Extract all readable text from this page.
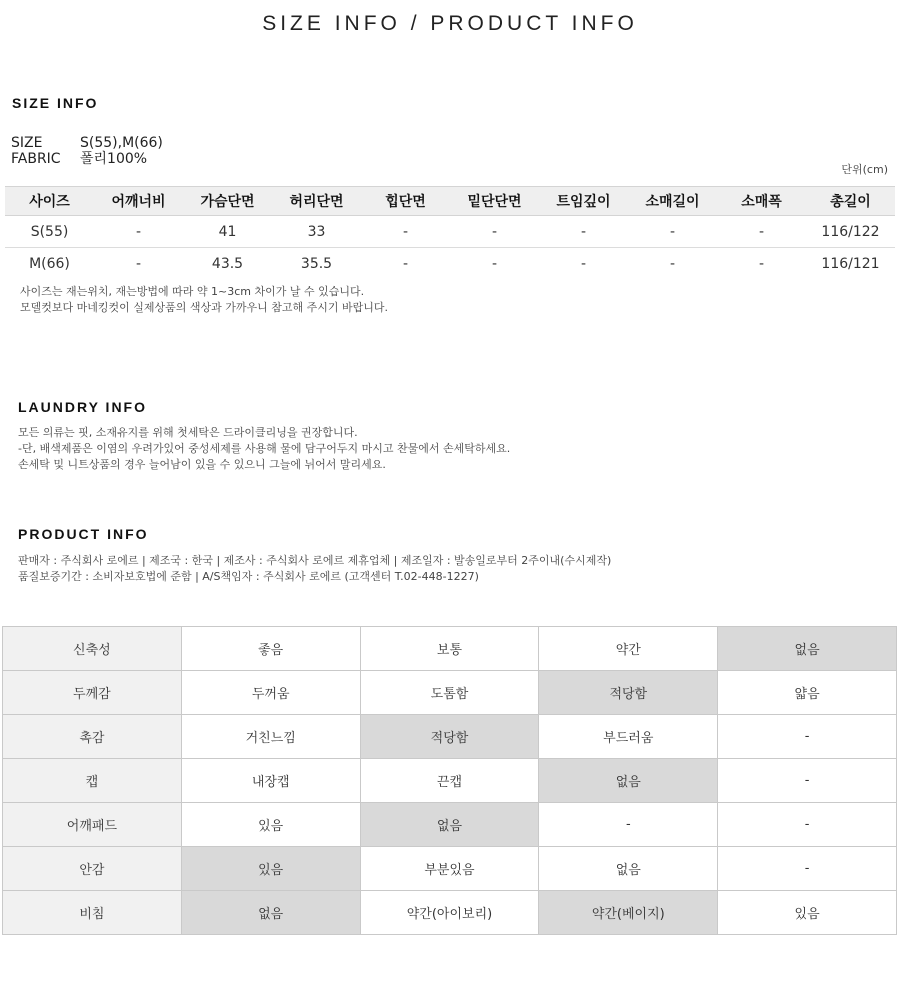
SIZE INFO / PRODUCT INFO
SIZE INFO
SIZE	S(55),M(66)
FABRIC 폴리100%
단위(cm)
사이즈	어깨너비	가슴단면	허리단면	힙단면	밑단단면	트임깊이	소매길이	소매폭	총길이
S(55)	-	41	33	-	-	-	-	-	116/122
M(66)	-	43.5	35.5	-	-	-	-	-	116/121
사이즈는 재는위치, 재는방법에 따라 약 1~3cm 차이가 날 수 있습니다.
모델컷보다 마네킹컷이 실제상품의 색상과 가까우니 참고해 주시기 바랍니다.
LAUNDRY INFO
모든 의류는 핏, 소재유지를 위해 첫세탁은 드라이클리닝을 권장합니다.
-단, 배색제품은 이염의 우려가있어 중성세제를 사용해 물에 담구어두지 마시고 찬물에서 손세탁하세요.
손세탁 및 니트상품의 경우 늘어남이 있을 수 있으니 그늘에 뉘어서 말리세요.
PRODUCT INFO
판매자 : 주식회사 로에르 | 제조국 : 한국 | 제조사 : 주식회사 로에르 제휴업체 | 제조일자 : 발송일로부터 2주이내(수시제작)
품질보증기간 : 소비자보호법에 준함 | A/S책임자 : 주식회사 로에르 (고객센터 T.02-448-1227)
신축성	좋음	보통	약간	없음
두께감	두꺼움	도톰함	적당함	얇음
촉감	거친느낌	적당함	부드러움	-
캡	내장캡	끈캡	없음	-
어깨패드	있음	없음	-	-
안감	있음	부분있음	없음	-
비침	없음	약간(아이보리)	약간(베이지)	있음
